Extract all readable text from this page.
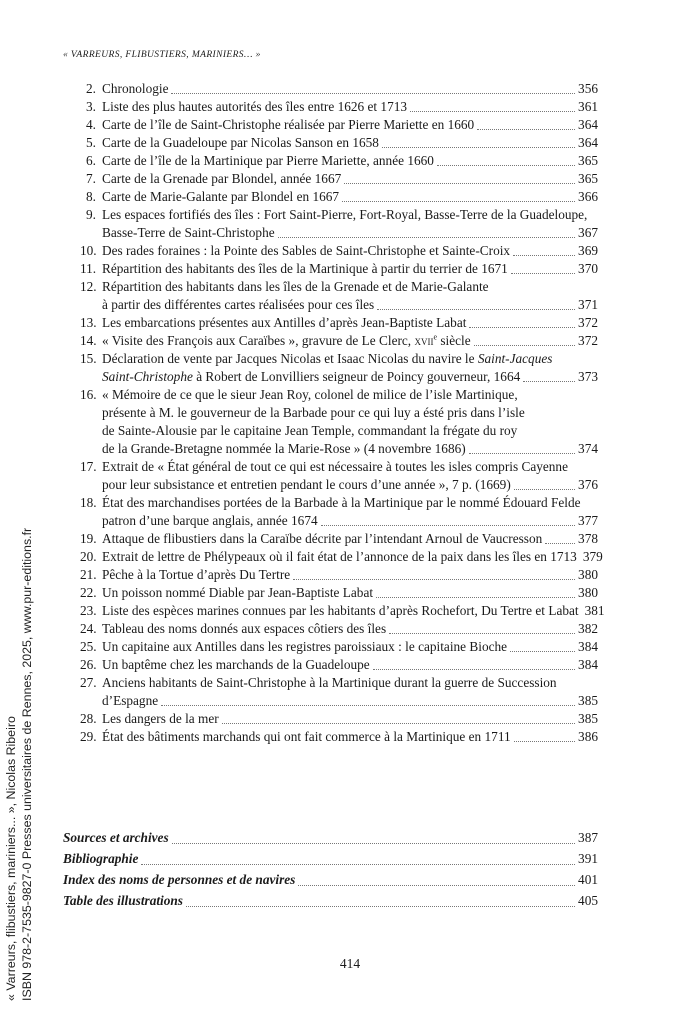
« VARREURS, FLIBUSTIERS, MARINIERS… »
2. Chronologie	356
3. Liste des plus hautes autorités des îles entre 1626 et 1713	361
4. Carte de l’île de Saint-Christophe réalisée par Pierre Mariette en 1660	364
5. Carte de la Guadeloupe par Nicolas Sanson en 1658	364
6. Carte de l’île de la Martinique par Pierre Mariette, année 1660	365
7. Carte de la Grenade par Blondel, année 1667	365
8. Carte de Marie-Galante par Blondel en 1667	366
9. Les espaces fortifiés des îles : Fort Saint-Pierre, Fort-Royal, Basse-Terre de la Guadeloupe,
Basse-Terre de Saint-Christophe	367
10. Des rades foraines : la Pointe des Sables de Saint-Christophe et Sainte-Croix	369
11. Répartition des habitants des îles de la Martinique à partir du terrier de 1671	370
12. Répartition des habitants dans les îles de la Grenade et de Marie-Galante
à partir des différentes cartes réalisées pour ces îles	371
13. Les embarcations présentes aux Antilles d’après Jean-Baptiste Labat	372
14. « Visite des François aux Caraïbes », gravure de Le Clerc, xvii$^e$ siècle	372
15. Déclaration de vente par Jacques Nicolas et Isaac Nicolas du navire le Saint-Jacques
Saint-Christophe à Robert de Lonvilliers seigneur de Poincy gouverneur, 1664	373
16. « Mémoire de ce que le sieur Jean Roy, colonel de milice de l’isle Martinique,
présente à M. le gouverneur de la Barbade pour ce qui luy a ésté pris dans l’isle
de Sainte-Alousie par le capitaine Jean Temple, commandant la frégate du roy
de la Grande-Bretagne nommée la Marie-Rose » (4 novembre 1686)	374
17. Extrait de « État général de tout ce qui est nécessaire à toutes les isles compris Cayenne
pour leur subsistance et entretien pendant le cours d’une année », 7 p. (1669)	376
18. État des marchandises portées de la Barbade à la Martinique par le nommé Édouard Felde
patron d’une barque anglais, année 1674	377
19. Attaque de flibustiers dans la Caraïbe décrite par l’intendant Arnoul de Vaucresson	378
20. Extrait de lettre de Phélypeaux où il fait état de l’annonce de la paix dans les îles en 1713 379
21. Pêche à la Tortue d’après Du Tertre	380
22. Un poisson nommé Diable par Jean-Baptiste Labat	380
23. Liste des espèces marines connues par les habitants d’après Rochefort, Du Tertre et Labat 381
24. Tableau des noms donnés aux espaces côtiers des îles	382
25. Un capitaine aux Antilles dans les registres paroissiaux : le capitaine Bioche	384
26. Un baptême chez les marchands de la Guadeloupe	384
27. Anciens habitants de Saint-Christophe à la Martinique durant la guerre de Succession
d’Espagne	385
28. Les dangers de la mer	385
29. État des bâtiments marchands qui ont fait commerce à la Martinique en 1711	386
Sources et archives	387
Bibliographie	391
Index des noms de personnes et de navires	401
Table des illustrations	405
« Varreurs, flibustiers, mariniers... », Nicolas Ribeiro ISBN 978-2-7535-9827-0 Presses universitaires de Rennes, 2025, www.pur-editions.fr	414
